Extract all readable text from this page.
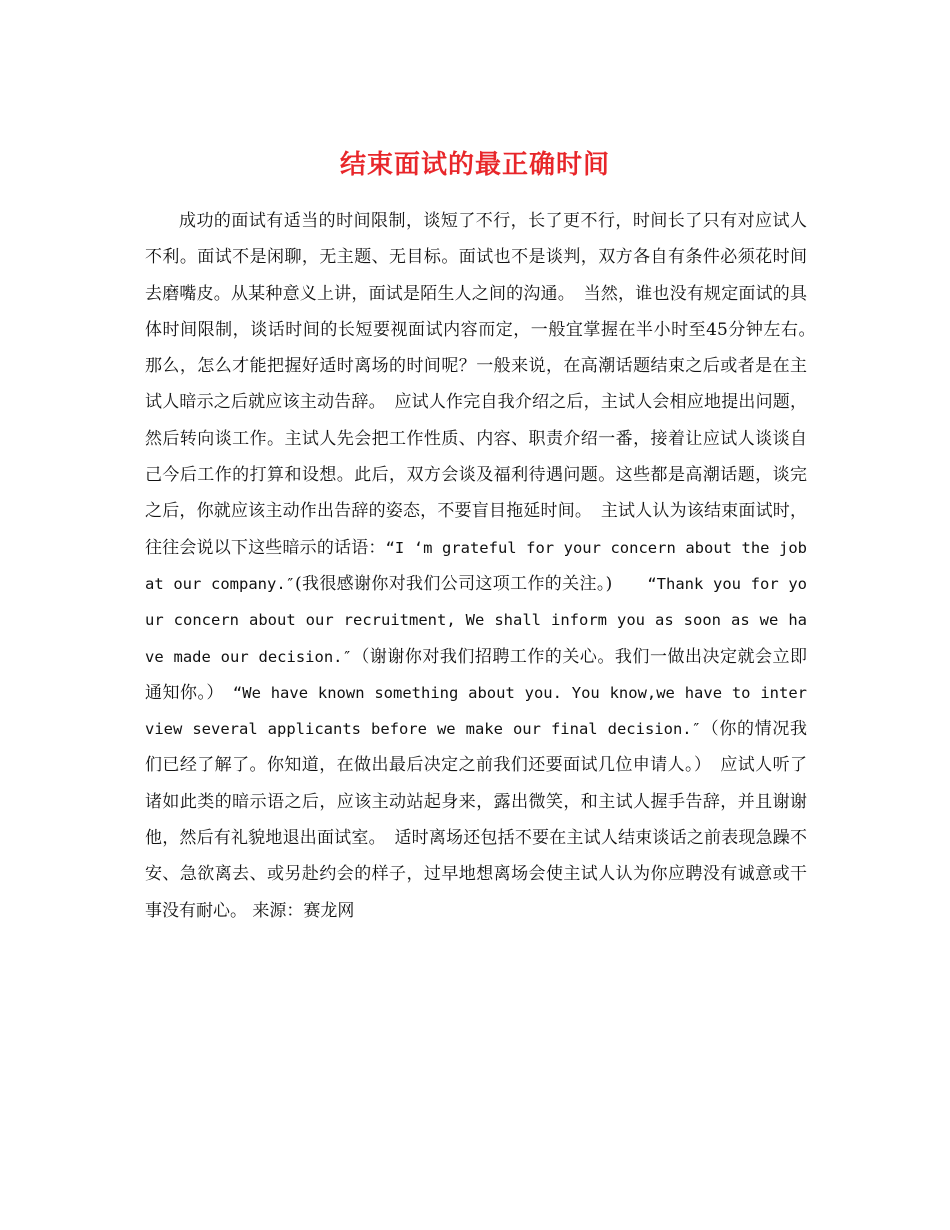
结束面试的最正确时间

成功的面试有适当的时间限制，谈短了不行，长了更不行，时间长了只有对应试人不利。面试不是闲聊，无主题、无目标。面试也不是谈判，双方各自有条件必须花时间去磨嘴皮。从某种意义上讲，面试是陌生人之间的沟通。　当然，谁也没有规定面试的具体时间限制，谈话时间的长短要视面试内容而定，一般宜掌握在半小时至45分钟左右。　那么，怎么才能把握好适时离场的时间呢？一般来说，在高潮话题结束之后或者是在主试人暗示之后就应该主动告辞。　应试人作完自我介绍之后，主试人会相应地提出问题，然后转向谈工作。主试人先会把工作性质、内容、职责介绍一番，接着让应试人谈谈自己今后工作的打算和设想。此后，双方会谈及福利待遇问题。这些都是高潮话题，谈完之后，你就应该主动作出告辞的姿态，不要盲目拖延时间。　主试人认为该结束面试时，往往会说以下这些暗示的话语：“I ‘m grateful for your concern about the job at our company.″(我很感谢你对我们公司这项工作的关注。)　　“Thank you for your concern about our recruitment, We shall inform you as soon as we have made our decision.″（谢谢你对我们招聘工作的关心。我们一做出决定就会立即通知你。）　“We have known something about you. You know,we have to interview several applicants before we make our final decision.″（你的情况我们已经了解了。你知道，在做出最后决定之前我们还要面试几位申请人。）　应试人听了诸如此类的暗示语之后，应该主动站起身来，露出微笑，和主试人握手告辞，并且谢谢他，然后有礼貌地退出面试室。　适时离场还包括不要在主试人结束谈话之前表现急躁不安、急欲离去、或另赴约会的样子，过早地想离场会使主试人认为你应聘没有诚意或干事没有耐心。 来源：赛龙网
